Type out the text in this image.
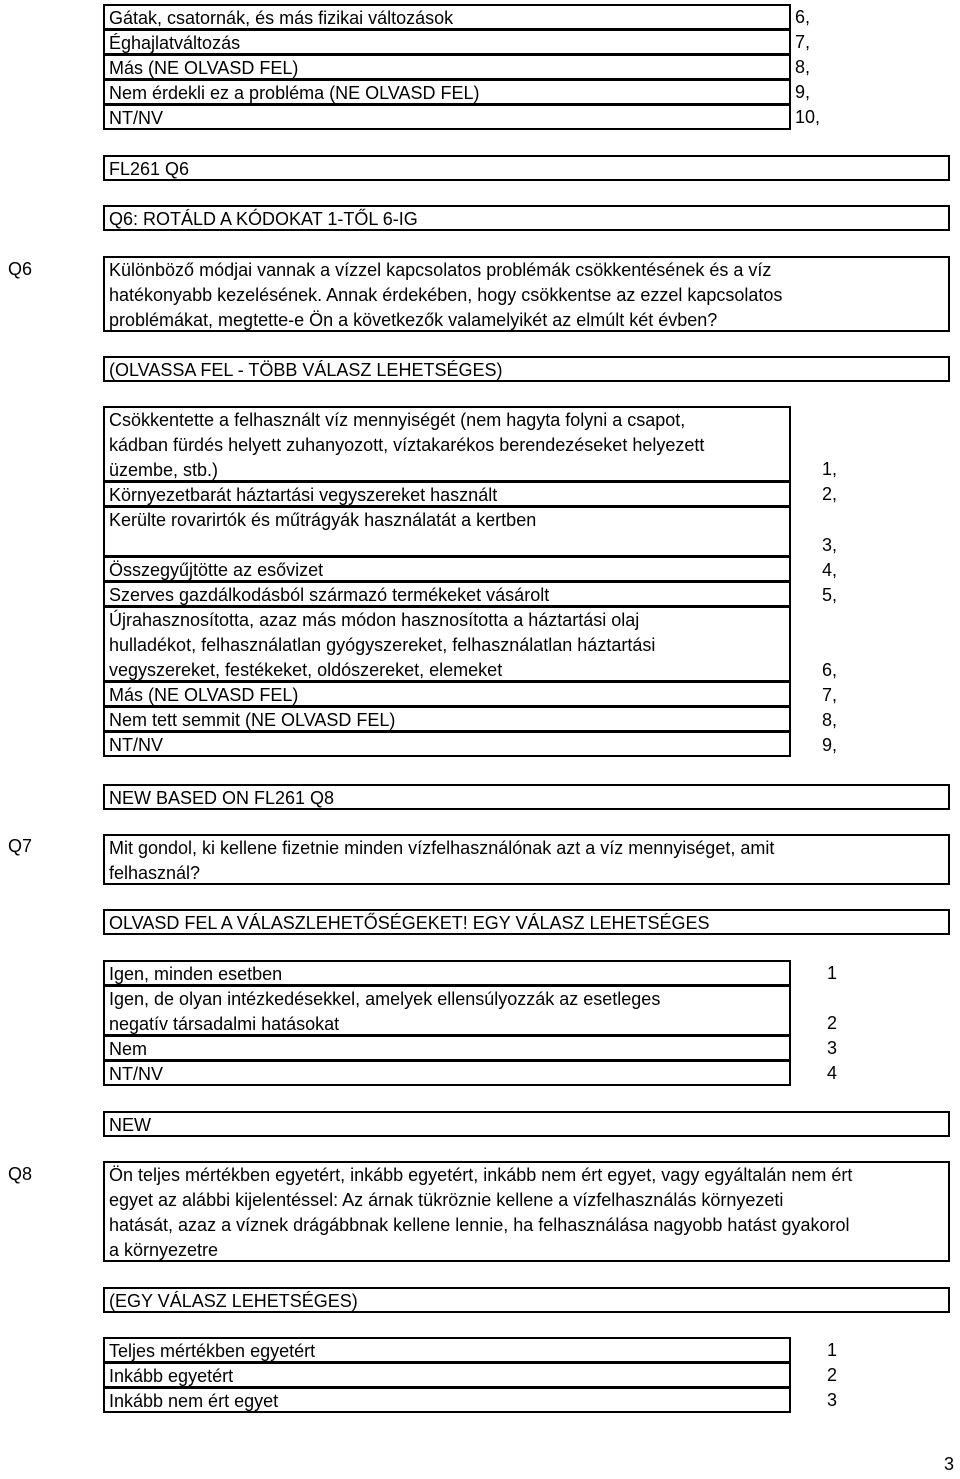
Gátak, csatornák, és más fizikai változások	6,
Éghajlatváltozás	7,
Más (NE OLVASD FEL)	8,
Nem érdekli ez a probléma (NE OLVASD FEL)	9,
NT/NV	10,
FL261 Q6
Q6: ROTÁLD A KÓDOKAT 1-TŐL 6-IG
Q6	Különböző módjai vannak a vízzel kapcsolatos problémák csökkentésének és a víz
hatékonyabb kezelésének. Annak érdekében, hogy csökkentse az ezzel kapcsolatos
problémákat, megtette-e Ön a következők valamelyikét az elmúlt két évben?
(OLVASSA FEL - TÖBB VÁLASZ LEHETSÉGES)
Csökkentette a felhasznált víz mennyiségét (nem hagyta folyni a csapot,
kádban fürdés helyett zuhanyozott, víztakarékos berendezéseket helyezett
üzembe, stb.)	1,
Környezetbarát háztartási vegyszereket használt	2,
Kerülte rovarirtók és műtrágyák használatát a kertben
3,
Összegyűjtötte az esővizet	4,
Szerves gazdálkodásból származó termékeket vásárolt	5,
Újrahasznosította, azaz más módon hasznosította a háztartási olaj
hulladékot, felhasználatlan gyógyszereket, felhasználatlan háztartási
vegyszereket, festékeket, oldószereket, elemeket	6,
Más (NE OLVASD FEL)	7,
Nem tett semmit (NE OLVASD FEL)	8,
NT/NV	9,
NEW BASED ON FL261 Q8
Q7	Mit gondol, ki kellene fizetnie minden vízfelhasználónak azt a víz mennyiséget, amit
felhasznál?
OLVASD FEL A VÁLASZLEHETŐSÉGEKET! EGY VÁLASZ LEHETSÉGES
Igen, minden esetben	1
Igen, de olyan intézkedésekkel, amelyek ellensúlyozzák az esetleges
negatív társadalmi hatásokat	2
Nem	3
NT/NV	4
NEW
Q8	Ön teljes mértékben egyetért, inkább egyetért, inkább nem ért egyet, vagy egyáltalán nem ért
egyet az alábbi kijelentéssel: Az árnak tükröznie kellene a vízfelhasználás környezeti
hatását, azaz a víznek drágábbnak kellene lennie, ha felhasználása nagyobb hatást gyakorol
a környezetre
(EGY VÁLASZ LEHETSÉGES)
Teljes mértékben egyetért	1
Inkább egyetért	2
Inkább nem ért egyet	3
3
